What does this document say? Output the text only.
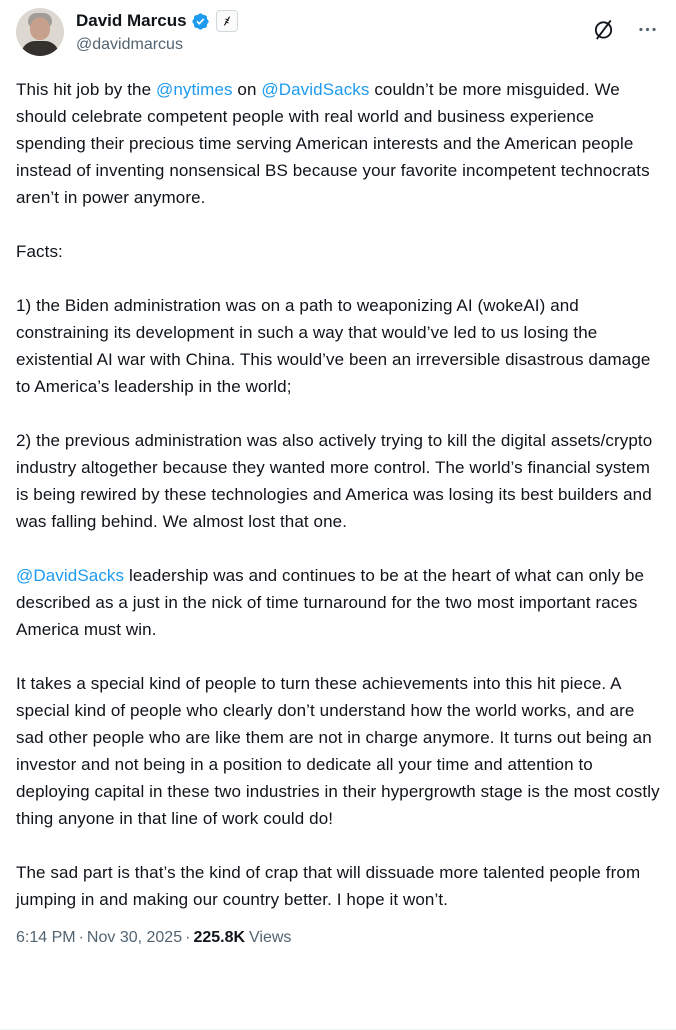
David Marcus
@davidmarcus

This hit job by the @nytimes on @DavidSacks couldn’t be more misguided. We should celebrate competent people with real world and business experience spending their precious time serving American interests and the American people instead of inventing nonsensical BS because your favorite incompetent technocrats aren’t in power anymore.

Facts:

1) the Biden administration was on a path to weaponizing AI (wokeAI) and constraining its development in such a way that would’ve led to us losing the existential AI war with China. This would’ve been an irreversible disastrous damage to America’s leadership in the world;

2) the previous administration was also actively trying to kill the digital assets/crypto industry altogether because they wanted more control. The world’s financial system is being rewired by these technologies and America was losing its best builders and was falling behind. We almost lost that one.

@DavidSacks leadership was and continues to be at the heart of what can only be described as a just in the nick of time turnaround for the two most important races America must win.

It takes a special kind of people to turn these achievements into this hit piece. A special kind of people who clearly don’t understand how the world works, and are sad other people who are like them are not in charge anymore. It turns out being an investor and not being in a position to dedicate all your time and attention to deploying capital in these two industries in their hypergrowth stage is the most costly thing anyone in that line of work could do!

The sad part is that’s the kind of crap that will dissuade more talented people from jumping in and making our country better. I hope it won’t.

6:14 PM · Nov 30, 2025 · 225.8K Views
